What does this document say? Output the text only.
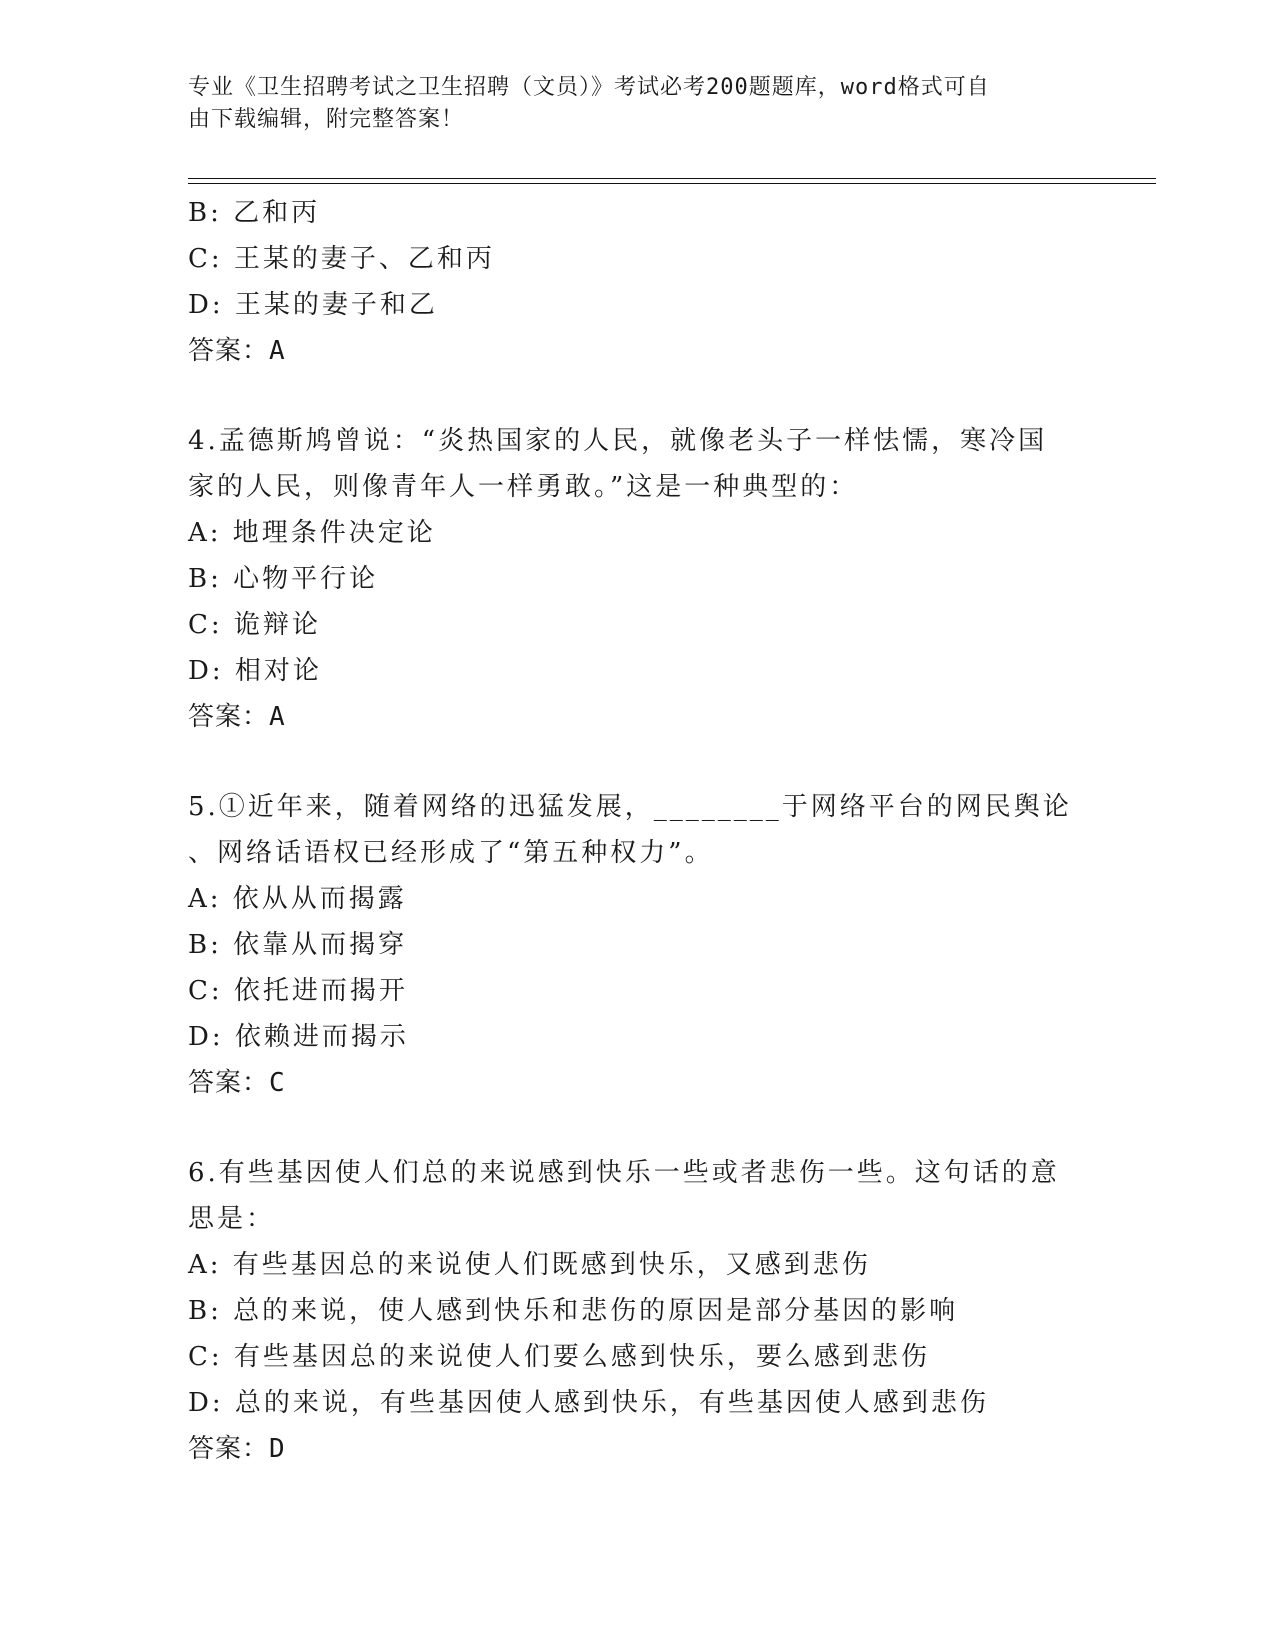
专业《卫生招聘考试之卫生招聘（文员）》考试必考200题题库，word格式可自
由下载编辑，附完整答案！
B: 乙和丙
C: 王某的妻子、乙和丙
D: 王某的妻子和乙
答案：A
4.孟德斯鸠曾说：“炎热国家的人民，就像老头子一样怯懦，寒冷国
家的人民，则像青年人一样勇敢。”这是一种典型的：
A: 地理条件决定论
B: 心物平行论
C: 诡辩论
D: 相对论
答案：A
5.①近年来，随着网络的迅猛发展，________于网络平台的网民舆论
、网络话语权已经形成了“第五种权力”。
A: 依从从而揭露
B: 依靠从而揭穿
C: 依托进而揭开
D: 依赖进而揭示
答案：C
6.有些基因使人们总的来说感到快乐一些或者悲伤一些。这句话的意
思是：
A: 有些基因总的来说使人们既感到快乐，又感到悲伤
B: 总的来说，使人感到快乐和悲伤的原因是部分基因的影响
C: 有些基因总的来说使人们要么感到快乐，要么感到悲伤
D: 总的来说，有些基因使人感到快乐，有些基因使人感到悲伤
答案：D
